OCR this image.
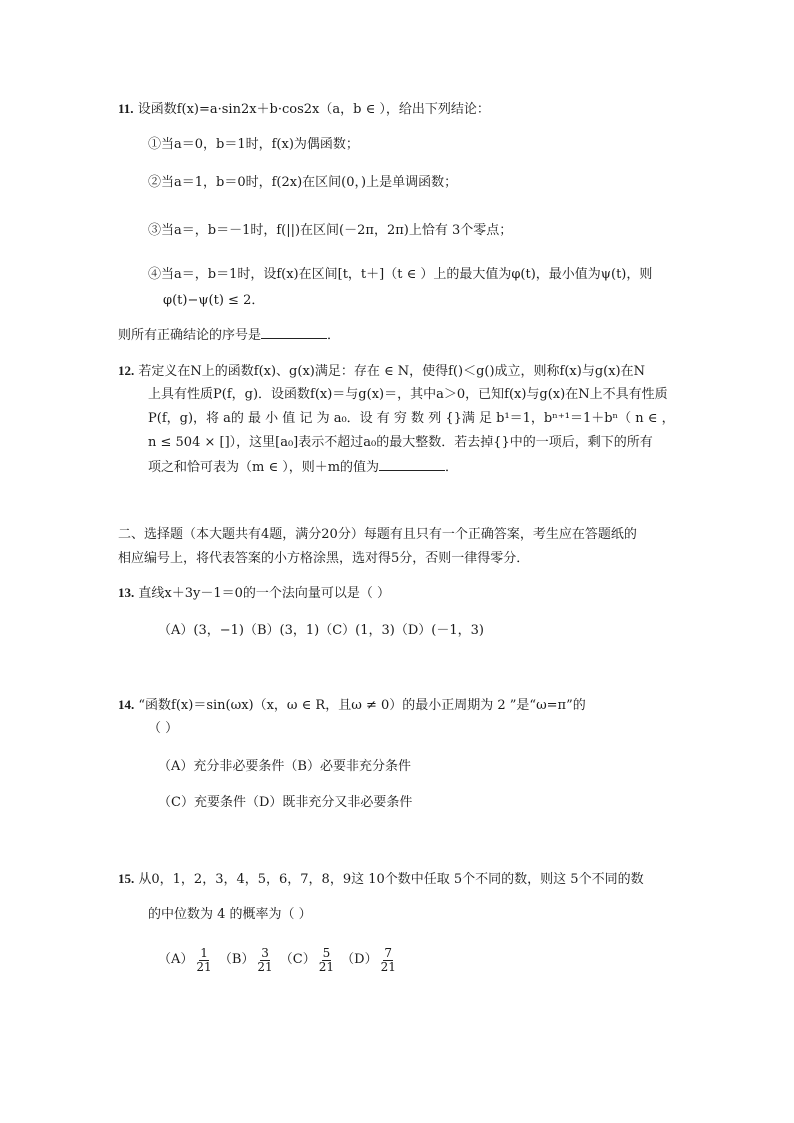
11. 设函数f(x)=a·sin2x＋b·cos2x（a，b ∈ ），给出下列结论：
①当a＝0，b＝1时，f(x)为偶函数；
②当a＝1，b＝0时，f(2x)在区间(0，)上是单调函数；
③当a＝，b＝－1时，f(||)在区间(－2π，2π)上恰有 3个零点；
④当a＝，b＝1时，设f(x)在区间[t，t＋]（t ∈ ）上的最大值为φ(t)，最小值为ψ(t)，则
φ(t)−ψ(t) ≤ 2．
则所有正确结论的序号是	．
12. 若定义在N上的函数f(x)、g(x)满足：存在 ∈ N，使得f()＜g()成立，则称f(x)与g(x)在N
上具有性质P(f，g)．设函数f(x)＝与g(x)＝，其中a＞0，已知f(x)与g(x)在N上不具有性质
P(f，g)，将 a的 最 小 值 记 为 a₀．设 有 穷 数 列 {}满 足 b¹＝1，bⁿ⁺¹＝1＋bⁿ（ n ∈ ，
n ≤ 504 × []），这里[a₀]表示不超过a₀的最大整数．若去掉{}中的一项后，剩下的所有
项之和恰可表为（m ∈ ），则＋m的值为	．
二、选择题（本大题共有4题，满分20分）每题有且只有一个正确答案，考生应在答题纸的
相应编号上，将代表答案的小方格涂黑，选对得5分，否则一律得零分．
13. 直线x＋3y－1＝0的一个法向量可以是（ ）
（A）(3，−1)（B）(3，1)（C）(1，3)（D）(－1，3)
14. “函数f(x)＝sin(ωx)（x，ω ∈ R，且ω ≠ 0）的最小正周期为 2 ”是“ω=π”的
（ ）
（A）充分非必要条件（B）必要非充分条件
（C）充要条件（D）既非充分又非必要条件
15. 从0，1，2，3，4，5，6，7，8，9这 10个数中任取 5个不同的数，则这 5个不同的数
的中位数为 4 的概率为（ ）
$(A) \frac{1}{21}$
$(B) \frac{3}{21}$
$(C) \frac{5}{21}$
$(D) \frac{7}{21}$
